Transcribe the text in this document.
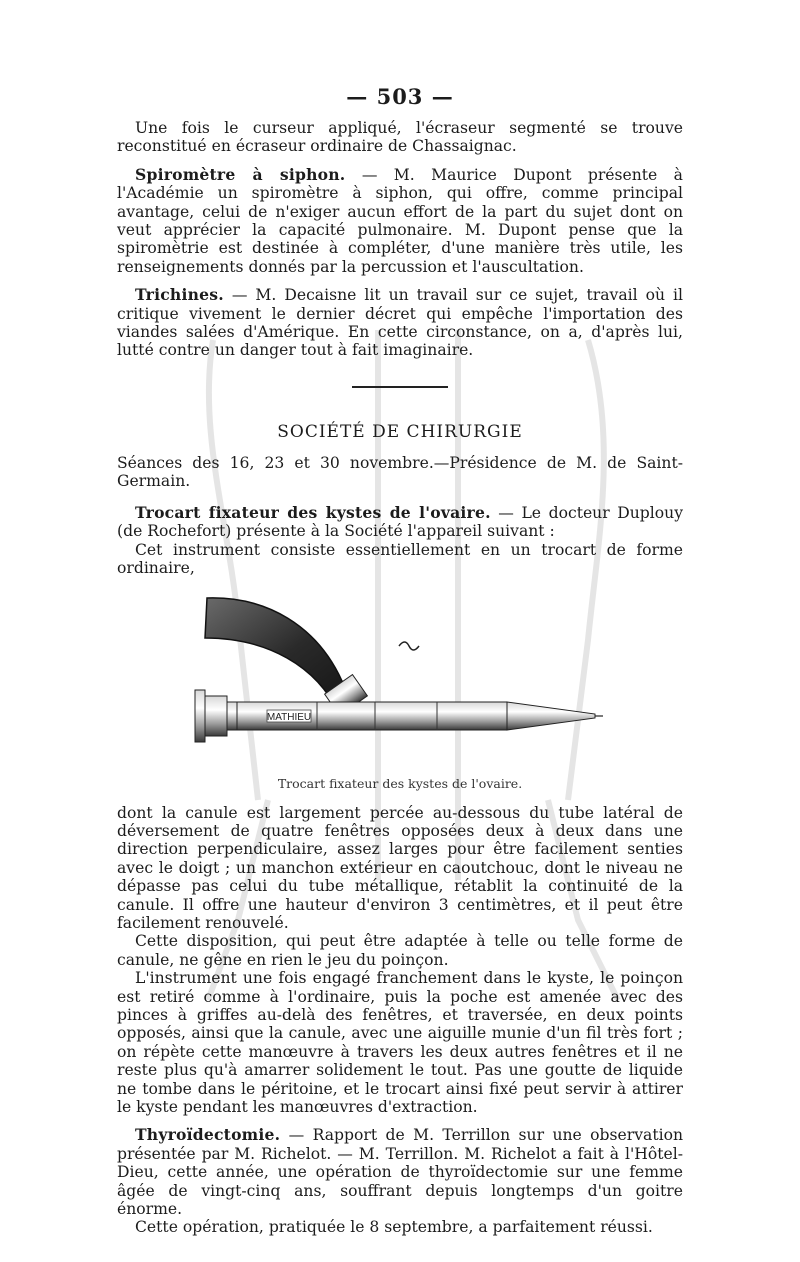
— 503 —

Une fois le curseur appliqué, l'écraseur segmenté se trouve reconstitué en écraseur ordinaire de Chassaignac.

Spiromètre à siphon. — M. Maurice Dupont présente à l'Académie un spiromètre à siphon, qui offre, comme principal avantage, celui de n'exiger aucun effort de la part du sujet dont on veut apprécier la capacité pulmonaire. M. Dupont pense que la spiromètrie est destinée à compléter, d'une manière très utile, les renseignements donnés par la percussion et l'auscultation.

Trichines. — M. Decaisne lit un travail sur ce sujet, travail où il critique vivement le dernier décret qui empêche l'importation des viandes salées d'Amérique. En cette circonstance, on a, d'après lui, lutté contre un danger tout à fait imaginaire.

SOCIÉTÉ DE CHIRURGIE
Séances des 16, 23 et 30 novembre.—Présidence de M. de Saint-Germain.

Trocart fixateur des kystes de l'ovaire. — Le docteur Duplouy (de Rochefort) présente à la Société l'appareil suivant :

Cet instrument consiste essentiellement en un trocart de forme ordinaire,

MATHIEU
Trocart fixateur des kystes de l'ovaire.

dont la canule est largement percée au-dessous du tube latéral de déversement de quatre fenêtres opposées deux à deux dans une direction perpendiculaire, assez larges pour être facilement senties avec le doigt ; un manchon extérieur en caoutchouc, dont le niveau ne dépasse pas celui du tube métallique, rétablit la continuité de la canule. Il offre une hauteur d'environ 3 centimètres, et il peut être facilement renouvelé.

Cette disposition, qui peut être adaptée à telle ou telle forme de canule, ne gêne en rien le jeu du poinçon.

L'instrument une fois engagé franchement dans le kyste, le poinçon est retiré comme à l'ordinaire, puis la poche est amenée avec des pinces à griffes au-delà des fenêtres, et traversée, en deux points opposés, ainsi que la canule, avec une aiguille munie d'un fil très fort ; on répète cette manœuvre à travers les deux autres fenêtres et il ne reste plus qu'à amarrer solidement le tout. Pas une goutte de liquide ne tombe dans le péritoine, et le trocart ainsi fixé peut servir à attirer le kyste pendant les manœuvres d'extraction.

Thyroïdectomie. — Rapport de M. Terrillon sur une observation présentée par M. Richelot. — M. Terrillon. M. Richelot a fait à l'Hôtel-Dieu, cette année, une opération de thyroïdectomie sur une femme âgée de vingt-cinq ans, souffrant depuis longtemps d'un goitre énorme.

Cette opération, pratiquée le 8 septembre, a parfaitement réussi.
